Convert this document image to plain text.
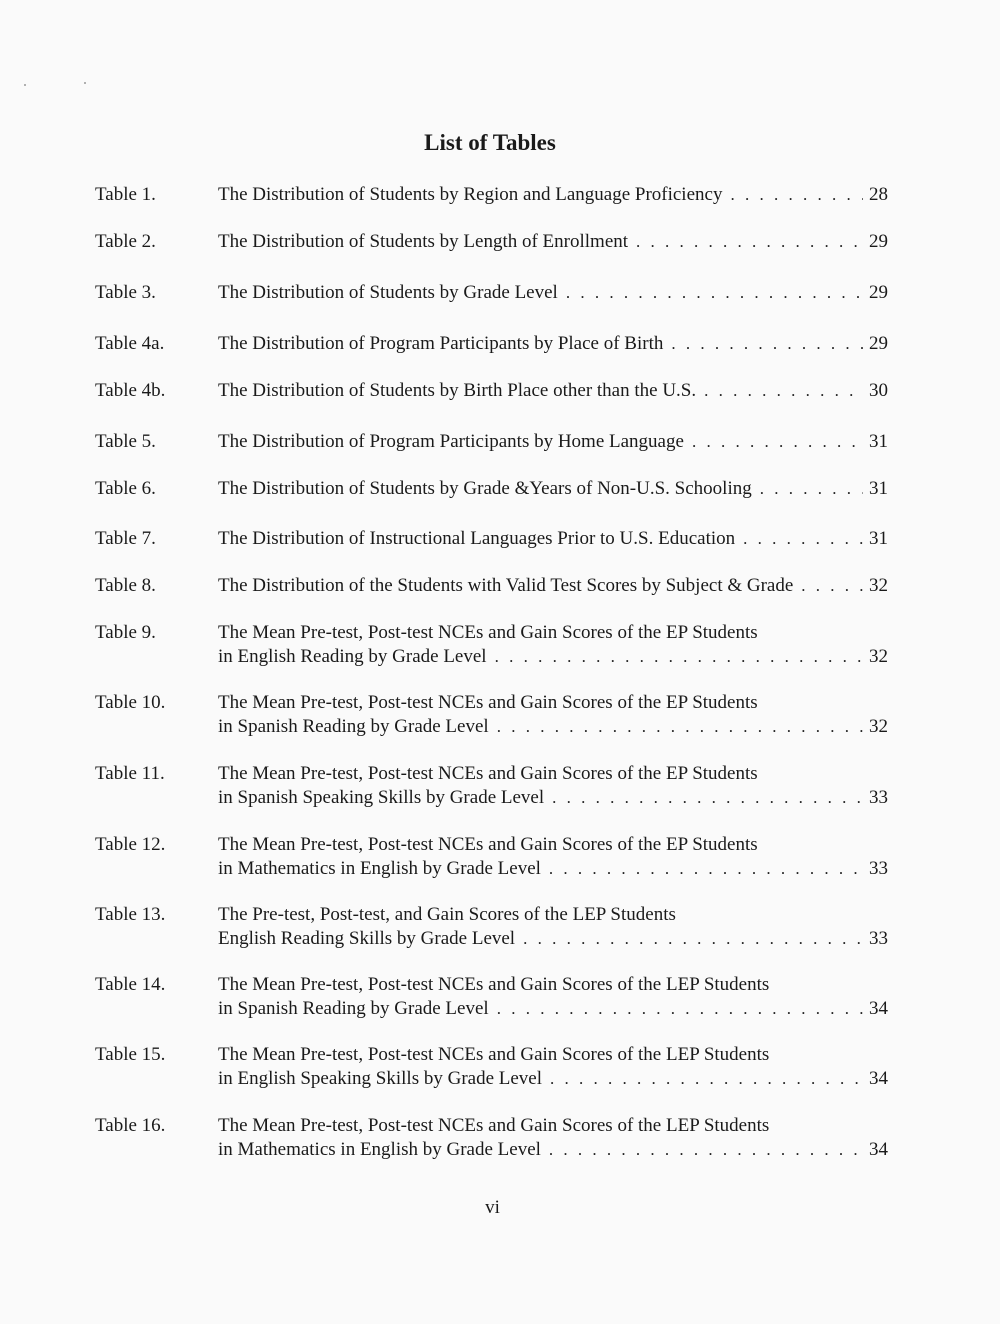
List of Tables
Table 1.	The Distribution of Students by Region and Language Proficiency . . .	28
Table 2.	The Distribution of Students by Length of Enrollment . . .	29
Table 3.	The Distribution of Students by Grade Level . . .	29
Table 4a.	The Distribution of Program Participants by Place of Birth . . .	29
Table 4b.	The Distribution of Students by Birth Place other than the U.S. . . .	30
Table 5.	The Distribution of Program Participants by Home Language . . .	31
Table 6.	The Distribution of Students by Grade &Years of Non-U.S. Schooling . . .	31
Table 7.	The Distribution of Instructional Languages Prior to U.S. Education . . .	31
Table 8.	The Distribution of the Students with Valid Test Scores by Subject & Grade . . .	32
Table 9.	The Mean Pre-test, Post-test NCEs and Gain Scores of the EP Students
in English Reading by Grade Level . . .	32
Table 10.	The Mean Pre-test, Post-test NCEs and Gain Scores of the EP Students
in Spanish Reading by Grade Level . . .	32
Table 11.	The Mean Pre-test, Post-test NCEs and Gain Scores of the EP Students
in Spanish Speaking Skills by Grade Level . . .	33
Table 12.	The Mean Pre-test, Post-test NCEs and Gain Scores of the EP Students
in Mathematics in English by Grade Level . . .	33
Table 13.	The Pre-test, Post-test, and Gain Scores of the LEP Students
English Reading Skills by Grade Level . . .	33
Table 14.	The Mean Pre-test, Post-test NCEs and Gain Scores of the LEP Students
in Spanish Reading by Grade Level . . .	34
Table 15.	The Mean Pre-test, Post-test NCEs and Gain Scores of the LEP Students
in English Speaking Skills by Grade Level . . .	34
Table 16.	The Mean Pre-test, Post-test NCEs and Gain Scores of the LEP Students
in Mathematics in English by Grade Level . . .	34
vi
